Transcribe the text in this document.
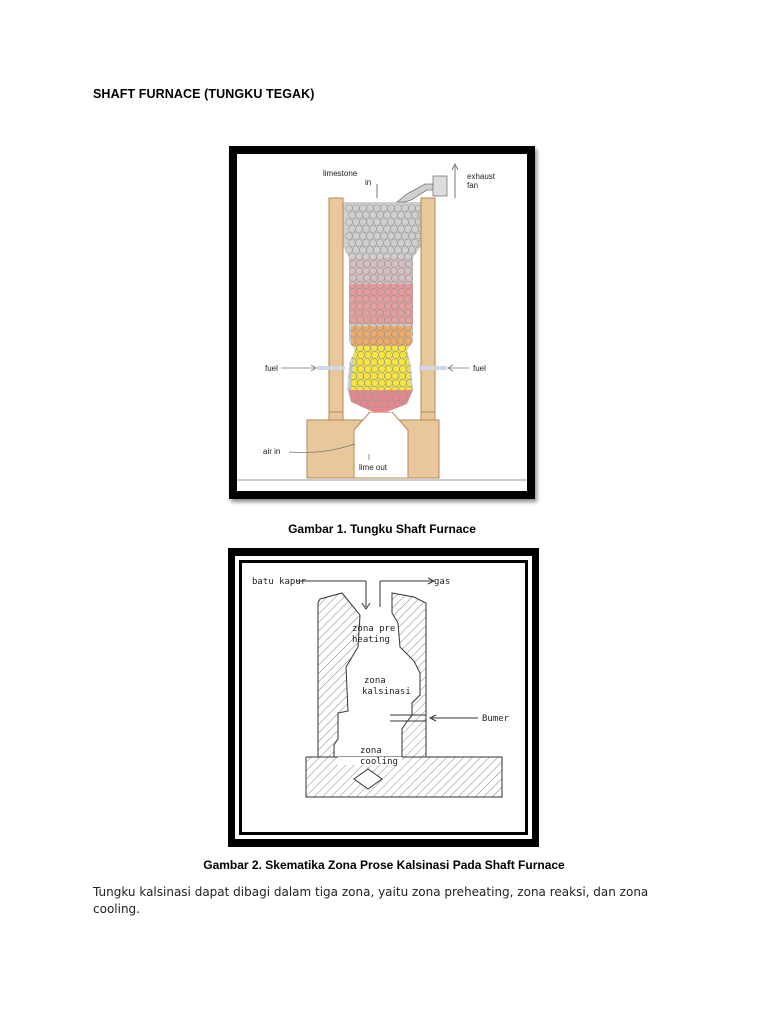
SHAFT FURNACE (TUNGKU TEGAK)
limestone
in
exhaust
fan
fuel	fuel
air in
lime out
Gambar 1. Tungku Shaft Furnace
batu kapur	gas
zona pre
heating
zona
kalsinasi
Bumer
zona
cooling
Gambar 2. Skematika Zona Prose Kalsinasi Pada Shaft Furnace
Tungku kalsinasi dapat dibagi dalam tiga zona, yaitu zona preheating, zona reaksi, dan zona cooling.
